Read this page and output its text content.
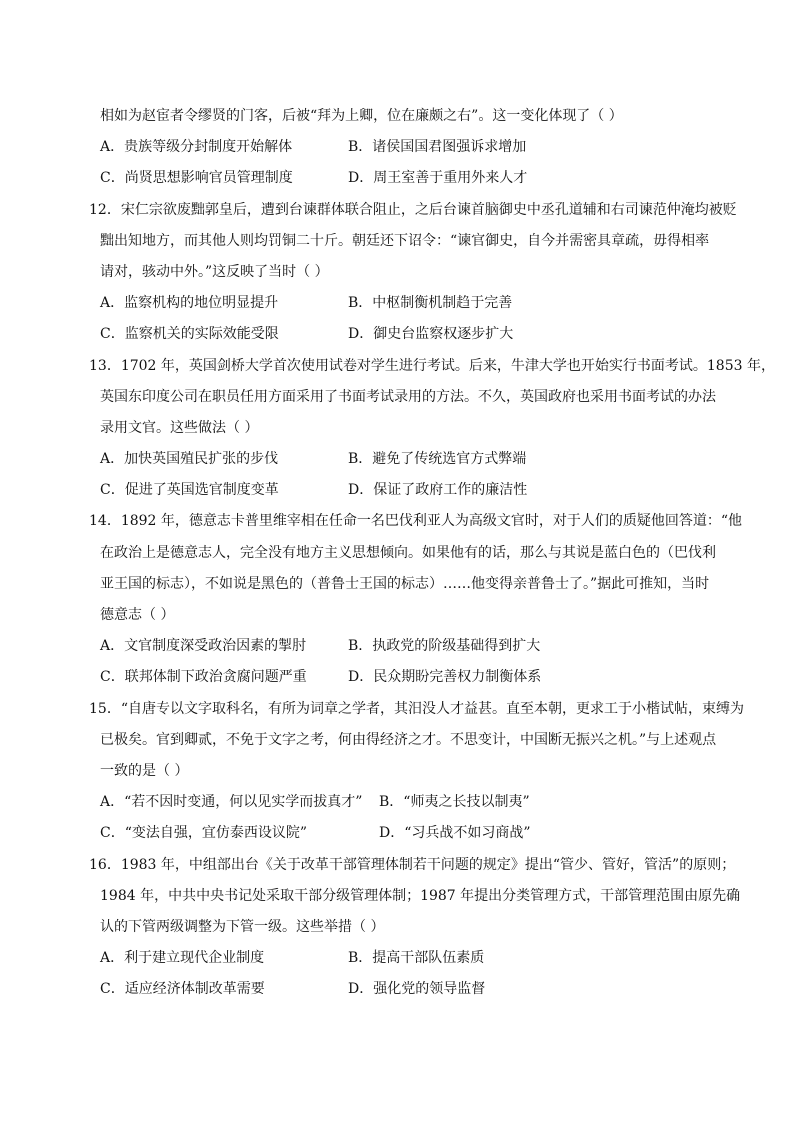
相如为赵宦者令缪贤的门客，后被“拜为上卿，位在廉颇之右”。这一变化体现了（ ）
A．贵族等级分封制度开始解体	B．诸侯国国君图强诉求增加
C．尚贤思想影响官员管理制度	D．周王室善于重用外来人才
12．宋仁宗欲废黜郭皇后，遭到台谏群体联合阻止，之后台谏首脑御史中丞孔道辅和右司谏范仲淹均被贬
黜出知地方，而其他人则均罚铜二十斤。朝廷还下诏令：“谏官御史，自今并需密具章疏，毋得相率
请对，骇动中外。”这反映了当时（ ）
A．监察机构的地位明显提升	B．中枢制衡机制趋于完善
C．监察机关的实际效能受限	D．御史台监察权逐步扩大
13．1702 年，英国剑桥大学首次使用试卷对学生进行考试。后来，牛津大学也开始实行书面考试。1853 年，
英国东印度公司在职员任用方面采用了书面考试录用的方法。不久，英国政府也采用书面考试的办法
录用文官。这些做法（ ）
A．加快英国殖民扩张的步伐	B．避免了传统选官方式弊端
C．促进了英国选官制度变革	D．保证了政府工作的廉洁性
14．1892 年，德意志卡普里维宰相在任命一名巴伐利亚人为高级文官时，对于人们的质疑他回答道：“他
在政治上是德意志人，完全没有地方主义思想倾向。如果他有的话，那么与其说是蓝白色的（巴伐利
亚王国的标志），不如说是黑色的（普鲁士王国的标志）……他变得亲普鲁士了。”据此可推知，当时
德意志（ ）
A．文官制度深受政治因素的掣肘	B．执政党的阶级基础得到扩大
C．联邦体制下政治贪腐问题严重	D．民众期盼完善权力制衡体系
15．“自唐专以文字取科名，有所为词章之学者，其汨没人才益甚。直至本朝，更求工于小楷试帖，束缚为
已极矣。官到卿贰，不免于文字之考，何由得经济之才。不思变计，中国断无振兴之机。”与上述观点
一致的是（ ）
A．“若不因时变通，何以见实学而拔真才”	B．“师夷之长技以制夷”
C．“变法自强，宜仿泰西设议院”	D．“习兵战不如习商战”
16．1983 年，中组部出台《关于改革干部管理体制若干问题的规定》提出“管少、管好，管活”的原则；
1984 年，中共中央书记处采取干部分级管理体制；1987 年提出分类管理方式，干部管理范围由原先确
认的下管两级调整为下管一级。这些举措（ ）
A．利于建立现代企业制度	B．提高干部队伍素质
C．适应经济体制改革需要	D．强化党的领导监督
